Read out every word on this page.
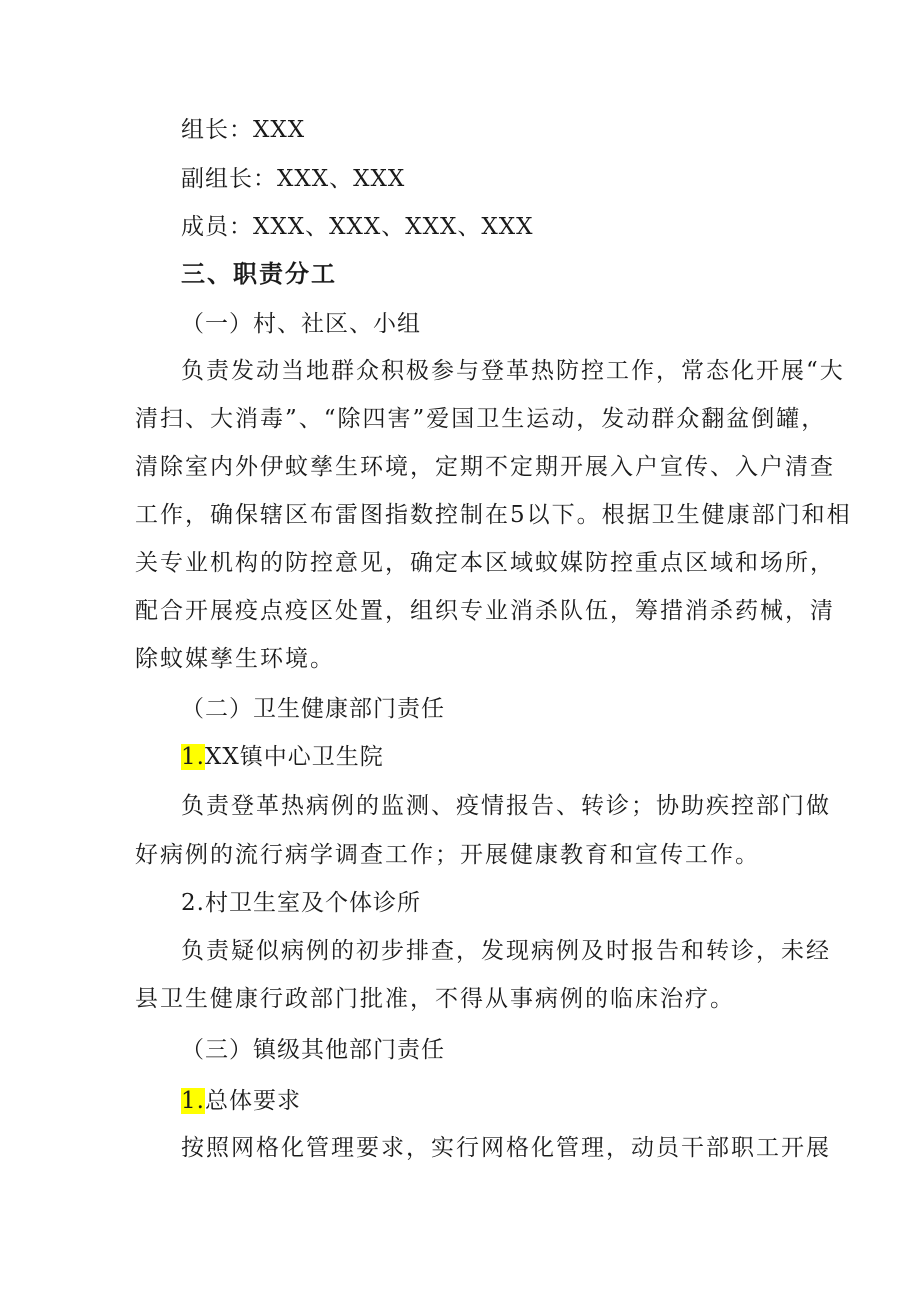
组长：XXX
副组长：XXX、XXX
成员：XXX、XXX、XXX、XXX
三、职责分工
（一）村、社区、小组
负责发动当地群众积极参与登革热防控工作，常态化开展“大
清扫、大消毒”、“除四害”爱国卫生运动，发动群众翻盆倒罐，
清除室内外伊蚊孳生环境，定期不定期开展入户宣传、入户清查
工作，确保辖区布雷图指数控制在5以下。根据卫生健康部门和相
关专业机构的防控意见，确定本区域蚊媒防控重点区域和场所，
配合开展疫点疫区处置，组织专业消杀队伍，筹措消杀药械，清
除蚊媒孳生环境。
（二）卫生健康部门责任
1.XX镇中心卫生院
负责登革热病例的监测、疫情报告、转诊；协助疾控部门做
好病例的流行病学调查工作；开展健康教育和宣传工作。
2.村卫生室及个体诊所
负责疑似病例的初步排查，发现病例及时报告和转诊，未经
县卫生健康行政部门批准，不得从事病例的临床治疗。
（三）镇级其他部门责任
1.总体要求
按照网格化管理要求，实行网格化管理，动员干部职工开展
